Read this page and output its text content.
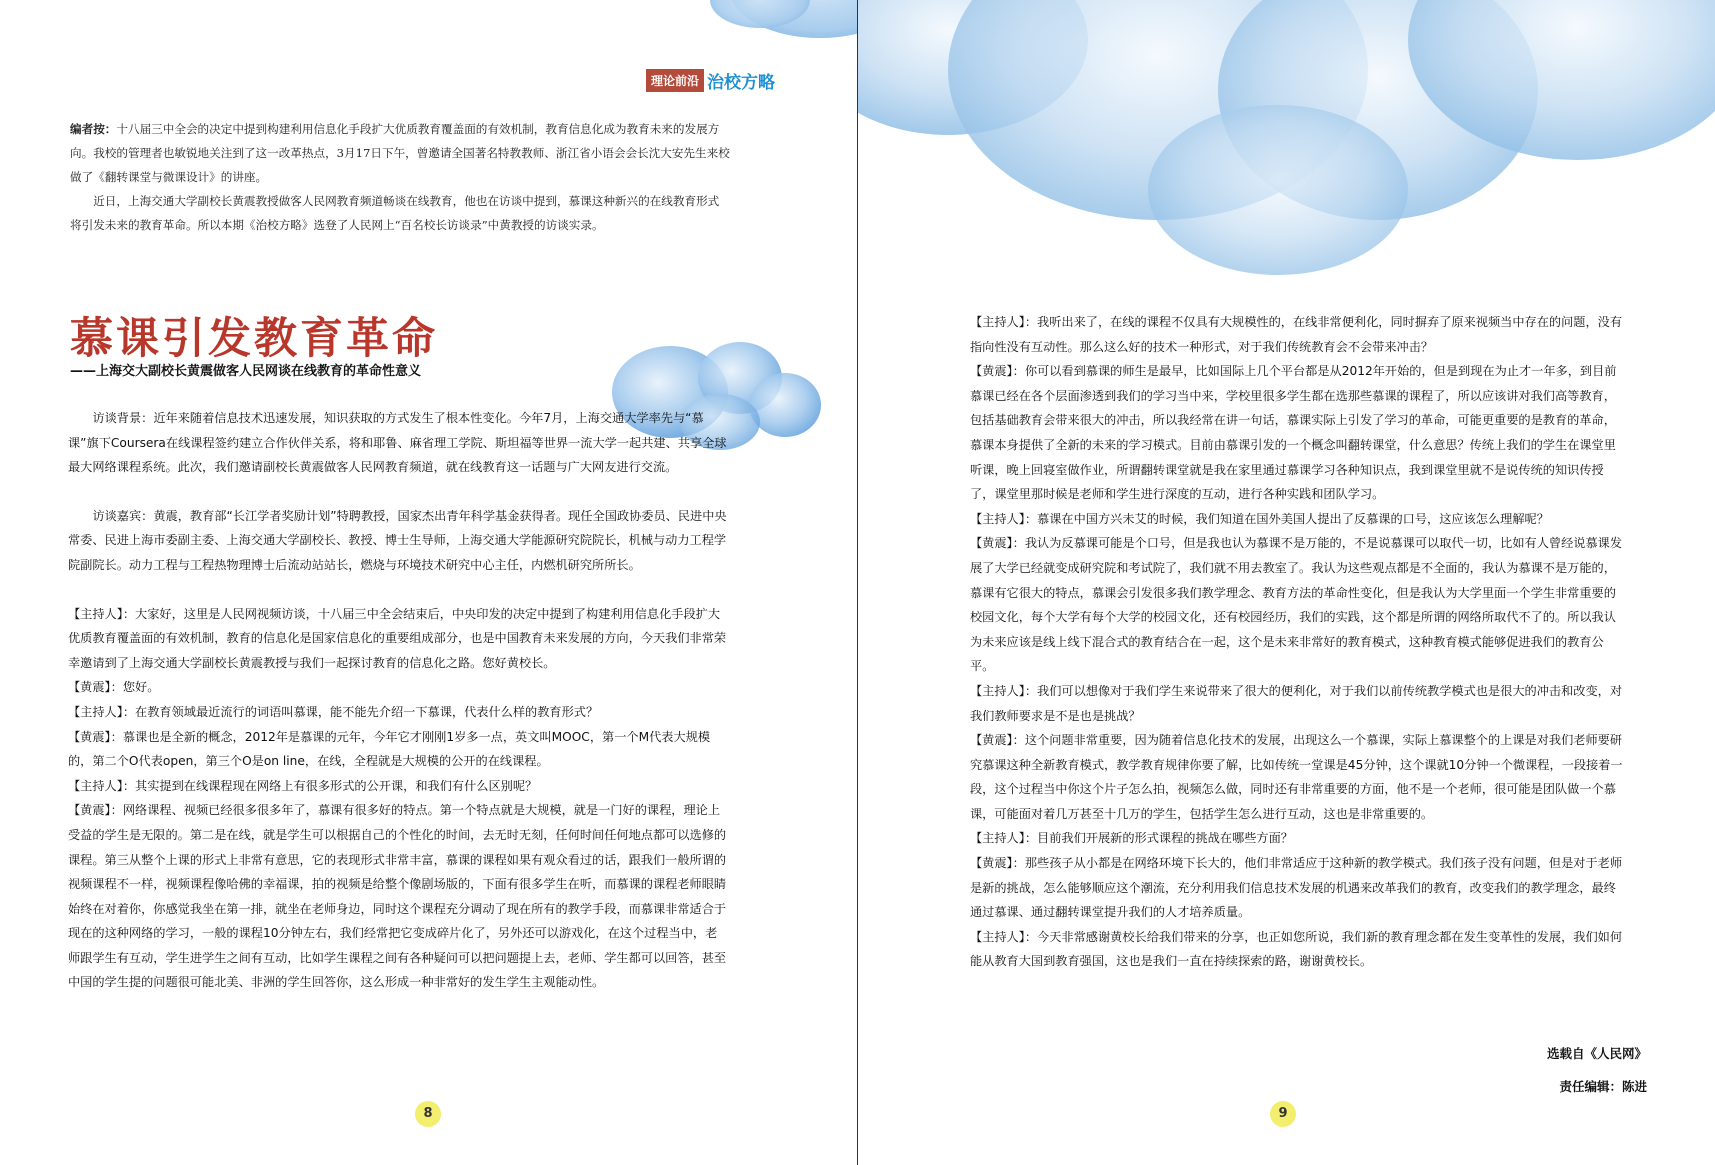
理论前沿 治校方略

编者按：十八届三中全会的决定中提到构建利用信息化手段扩大优质教育覆盖面的有效机制，教育信息化成为教育未来的发展方向。我校的管理者也敏锐地关注到了这一改革热点，3月17日下午，曾邀请全国著名特教教师、浙江省小语会会长沈大安先生来校做了《翻转课堂与微课设计》的讲座。

近日，上海交通大学副校长黄震教授做客人民网教育频道畅谈在线教育，他也在访谈中提到，慕课这种新兴的在线教育形式将引发未来的教育革命。所以本期《治校方略》选登了人民网上“百名校长访谈录”中黄教授的访谈实录。

慕课引发教育革命
——上海交大副校长黄震做客人民网谈在线教育的革命性意义

访谈背景：近年来随着信息技术迅速发展，知识获取的方式发生了根本性变化。今年7月，上海交通大学率先与“慕课”旗下Coursera在线课程签约建立合作伙伴关系，将和耶鲁、麻省理工学院、斯坦福等世界一流大学一起共建、共享全球最大网络课程系统。此次，我们邀请副校长黄震做客人民网教育频道，就在线教育这一话题与广大网友进行交流。

访谈嘉宾：黄震，教育部“长江学者奖励计划”特聘教授，国家杰出青年科学基金获得者。现任全国政协委员、民进中央常委、民进上海市委副主委、上海交通大学副校长、教授、博士生导师，上海交通大学能源研究院院长，机械与动力工程学院副院长。动力工程与工程热物理博士后流动站站长，燃烧与环境技术研究中心主任，内燃机研究所所长。

【主持人】：大家好，这里是人民网视频访谈，十八届三中全会结束后，中央印发的决定中提到了构建利用信息化手段扩大优质教育覆盖面的有效机制，教育的信息化是国家信息化的重要组成部分，也是中国教育未来发展的方向，今天我们非常荣幸邀请到了上海交通大学副校长黄震教授与我们一起探讨教育的信息化之路。您好黄校长。

【黄震】：您好。

【主持人】：在教育领域最近流行的词语叫慕课，能不能先介绍一下慕课，代表什么样的教育形式？

【黄震】：慕课也是全新的概念，2012年是慕课的元年，今年它才刚刚1岁多一点，英文叫MOOC，第一个M代表大规模的，第二个O代表open，第三个O是on line，在线，全程就是大规模的公开的在线课程。

【主持人】：其实提到在线课程现在网络上有很多形式的公开课，和我们有什么区别呢？

【黄震】：网络课程、视频已经很多很多年了，慕课有很多好的特点。第一个特点就是大规模，就是一门好的课程，理论上受益的学生是无限的。第二是在线，就是学生可以根据自己的个性化的时间，去无时无刻，任何时间任何地点都可以选修的课程。第三从整个上课的形式上非常有意思，它的表现形式非常丰富，慕课的课程如果有观众看过的话，跟我们一般所谓的视频课程不一样，视频课程像哈佛的幸福课，拍的视频是给整个像剧场版的，下面有很多学生在听，而慕课的课程老师眼睛始终在对着你，你感觉我坐在第一排，就坐在老师身边，同时这个课程充分调动了现在所有的教学手段，而慕课非常适合于现在的这种网络的学习，一般的课程10分钟左右，我们经常把它变成碎片化了，另外还可以游戏化，在这个过程当中，老师跟学生有互动，学生进学生之间有互动，比如学生课程之间有各种疑问可以把问题提上去，老师、学生都可以回答，甚至中国的学生提的问题很可能北美、非洲的学生回答你，这么形成一种非常好的发生学生主观能动性。

8

【主持人】：我听出来了，在线的课程不仅具有大规模性的，在线非常便利化，同时摒弃了原来视频当中存在的问题，没有指向性没有互动性。那么这么好的技术一种形式，对于我们传统教育会不会带来冲击？

【黄震】：你可以看到慕课的师生是最早，比如国际上几个平台都是从2012年开始的，但是到现在为止才一年多，到目前慕课已经在各个层面渗透到我们的学习当中来，学校里很多学生都在选那些慕课的课程了，所以应该讲对我们高等教育，包括基础教育会带来很大的冲击，所以我经常在讲一句话，慕课实际上引发了学习的革命，可能更重要的是教育的革命，慕课本身提供了全新的未来的学习模式。目前由慕课引发的一个概念叫翻转课堂，什么意思？传统上我们的学生在课堂里听课，晚上回寝室做作业，所谓翻转课堂就是我在家里通过慕课学习各种知识点，我到课堂里就不是说传统的知识传授了，课堂里那时候是老师和学生进行深度的互动，进行各种实践和团队学习。

【主持人】：慕课在中国方兴未艾的时候，我们知道在国外美国人提出了反慕课的口号，这应该怎么理解呢？

【黄震】：我认为反慕课可能是个口号，但是我也认为慕课不是万能的，不是说慕课可以取代一切，比如有人曾经说慕课发展了大学已经就变成研究院和考试院了，我们就不用去教室了。我认为这些观点都是不全面的，我认为慕课不是万能的，慕课有它很大的特点，慕课会引发很多我们教学理念、教育方法的革命性变化，但是我认为大学里面一个学生非常重要的校园文化，每个大学有每个大学的校园文化，还有校园经历，我们的实践，这个都是所谓的网络所取代不了的。所以我认为未来应该是线上线下混合式的教育结合在一起，这个是未来非常好的教育模式，这种教育模式能够促进我们的教育公平。

【主持人】：我们可以想像对于我们学生来说带来了很大的便利化，对于我们以前传统教学模式也是很大的冲击和改变，对我们教师要求是不是也是挑战？

【黄震】：这个问题非常重要，因为随着信息化技术的发展，出现这么一个慕课，实际上慕课整个的上课是对我们老师要研究慕课这种全新教育模式，教学教育规律你要了解，比如传统一堂课是45分钟，这个课就10分钟一个微课程，一段接着一段，这个过程当中你这个片子怎么拍，视频怎么做，同时还有非常重要的方面，他不是一个老师，很可能是团队做一个慕课，可能面对着几万甚至十几万的学生，包括学生怎么进行互动，这也是非常重要的。

【主持人】：目前我们开展新的形式课程的挑战在哪些方面？

【黄震】：那些孩子从小都是在网络环境下长大的，他们非常适应于这种新的教学模式。我们孩子没有问题，但是对于老师是新的挑战，怎么能够顺应这个潮流，充分利用我们信息技术发展的机遇来改革我们的教育，改变我们的教学理念，最终通过慕课、通过翻转课堂提升我们的人才培养质量。

【主持人】：今天非常感谢黄校长给我们带来的分享，也正如您所说，我们新的教育理念都在发生变革性的发展，我们如何能从教育大国到教育强国，这也是我们一直在持续探索的路，谢谢黄校长。

选载自《人民网》
责任编辑：陈进
9
